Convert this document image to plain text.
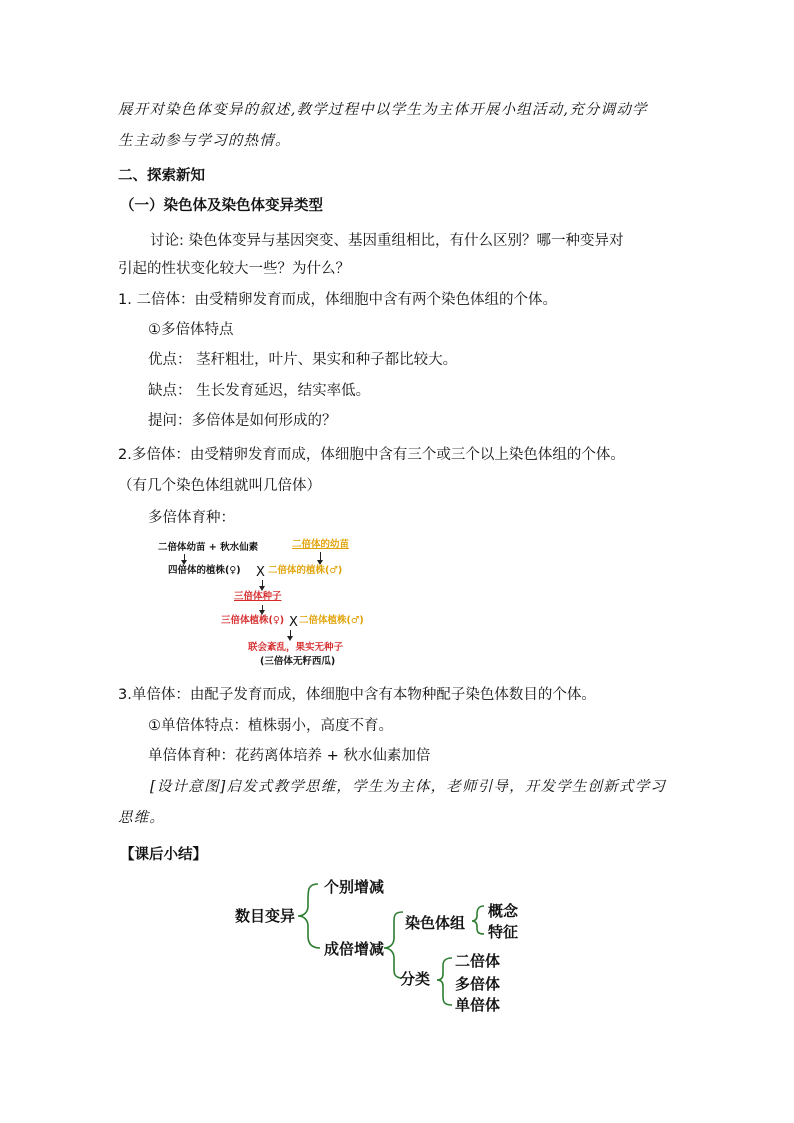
展开对染色体变异的叙述,教学过程中以学生为主体开展小组活动,充分调动学
生主动参与学习的热情。
二、探索新知
（一）染色体及染色体变异类型
讨论: 染色体变异与基因突变、基因重组相比，有什么区别？哪一种变异对
引起的性状变化较大一些？为什么？
1. 二倍体：由受精卵发育而成，体细胞中含有两个染色体组的个体。
①多倍体特点
优点： 茎秆粗壮，叶片、果实和种子都比较大。
缺点： 生长发育延迟，结实率低。
提问：多倍体是如何形成的？
2.多倍体：由受精卵发育而成，体细胞中含有三个或三个以上染色体组的个体。
（有几个染色体组就叫几倍体）
多倍体育种：
二倍体幼苗 + 秋水仙素	二倍体的幼苗
四倍体的植株(♀) X 二倍体的植株(♂)
三倍体种子
三倍体植株(♀) X 二倍体植株(♂)
联会紊乱，果实无种子
(三倍体无籽西瓜)
3.单倍体：由配子发育而成，体细胞中含有本物种配子染色体数目的个体。
①单倍体特点：植株弱小，高度不育。
单倍体育种：花药离体培养 + 秋水仙素加倍
[设计意图]启发式教学思维，学生为主体，老师引导，开发学生创新式学习
思维。
【课后小结】
数目变异
个别增减
成倍增减
染色体组
概念
特征
分类
二倍体
多倍体
单倍体
